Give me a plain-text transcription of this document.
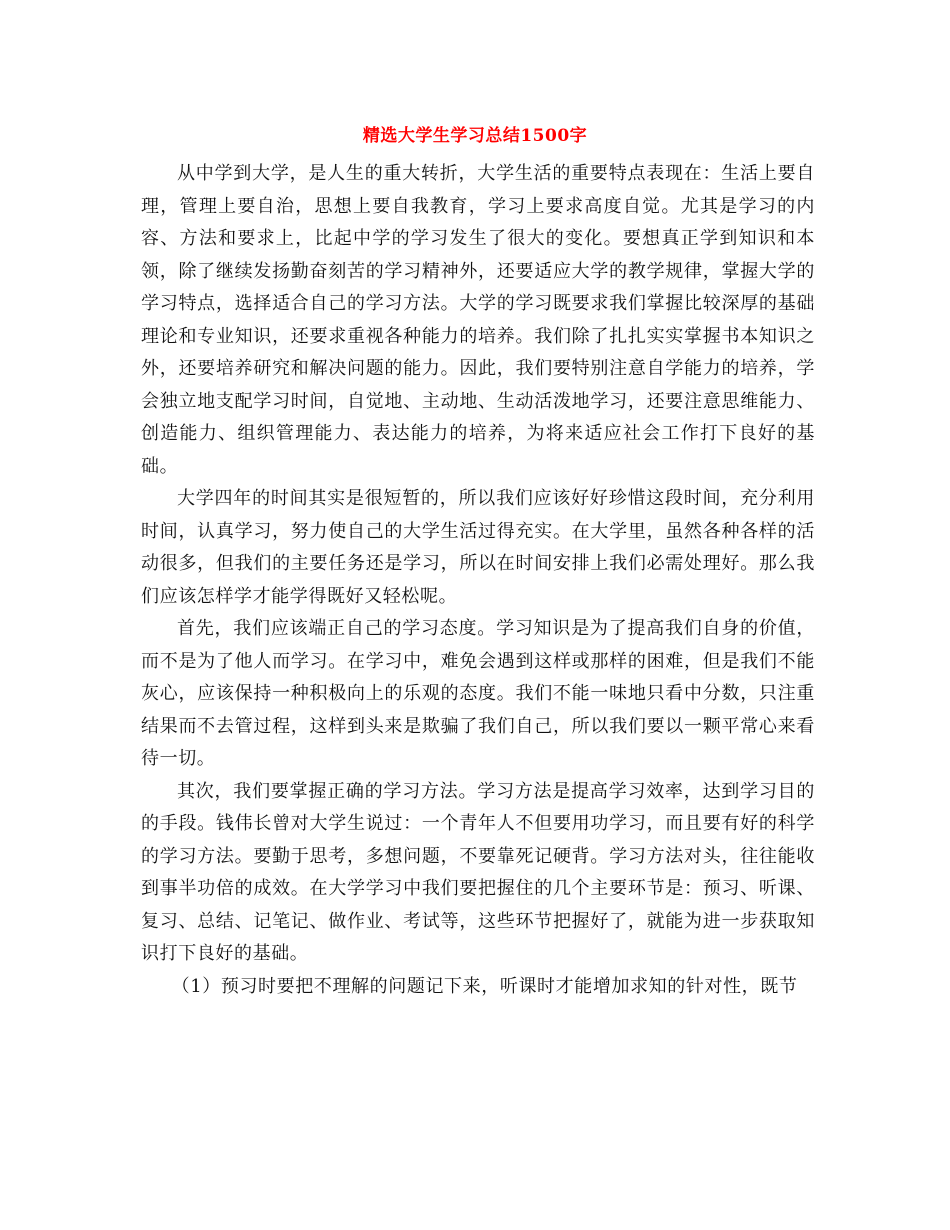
精选大学生学习总结1500字

从中学到大学，是人生的重大转折，大学生活的重要特点表现在：生活上要自理，管理上要自治，思想上要自我教育，学习上要求高度自觉。尤其是学习的内容、方法和要求上，比起中学的学习发生了很大的变化。要想真正学到知识和本领，除了继续发扬勤奋刻苦的学习精神外，还要适应大学的教学规律，掌握大学的学习特点，选择适合自己的学习方法。大学的学习既要求我们掌握比较深厚的基础理论和专业知识，还要求重视各种能力的培养。我们除了扎扎实实掌握书本知识之外，还要培养研究和解决问题的能力。因此，我们要特别注意自学能力的培养，学会独立地支配学习时间，自觉地、主动地、生动活泼地学习，还要注意思维能力、创造能力、组织管理能力、表达能力的培养，为将来适应社会工作打下良好的基础。

大学四年的时间其实是很短暂的，所以我们应该好好珍惜这段时间，充分利用时间，认真学习，努力使自己的大学生活过得充实。在大学里，虽然各种各样的活动很多，但我们的主要任务还是学习，所以在时间安排上我们必需处理好。那么我们应该怎样学才能学得既好又轻松呢。

首先，我们应该端正自己的学习态度。学习知识是为了提高我们自身的价值，而不是为了他人而学习。在学习中，难免会遇到这样或那样的困难，但是我们不能灰心，应该保持一种积极向上的乐观的态度。我们不能一味地只看中分数，只注重结果而不去管过程，这样到头来是欺骗了我们自己，所以我们要以一颗平常心来看待一切。

其次，我们要掌握正确的学习方法。学习方法是提高学习效率，达到学习目的的手段。钱伟长曾对大学生说过：一个青年人不但要用功学习，而且要有好的科学的学习方法。要勤于思考，多想问题，不要靠死记硬背。学习方法对头，往往能收到事半功倍的成效。在大学学习中我们要把握住的几个主要环节是：预习、听课、复习、总结、记笔记、做作业、考试等，这些环节把握好了，就能为进一步获取知识打下良好的基础。

（1）预习时要把不理解的问题记下来，听课时才能增加求知的针对性，既节
